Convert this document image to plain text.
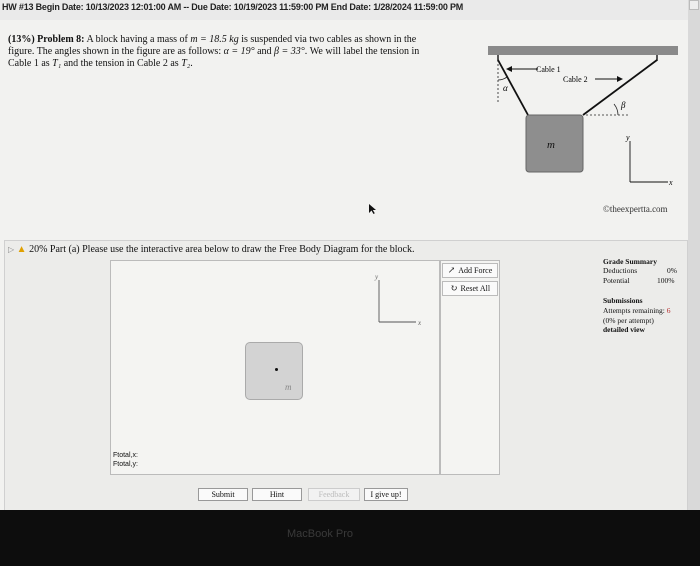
HW #13 Begin Date: 10/13/2023 12:01:00 AM -- Due Date: 10/19/2023 11:59:00 PM End Date: 1/28/2024 11:59:00 PM
(13%) Problem 8: A block having a mass of m = 18.5 kg is suspended via two cables as shown in the figure. The angles shown in the figure are as follows: α = 19° and β = 33°. We will label the tension in Cable 1 as T₁ and the tension in Cable 2 as T₂.
Cable 1
Cable 2
α
β
m
y
x
©theexpertta.com
▷ ▲ 20% Part (a) Please use the interactive area below to draw the Free Body Diagram for the block.
y
x
m
Ftotal,x:
Ftotal,y:
↗ Add Force
↻ Reset All
Submit	Hint	Feedback	I give up!
Grade Summary
Deductions	0%
Potential	100%
Submissions
Attempts remaining: 6
(0% per attempt)
detailed view
MacBook Pro
